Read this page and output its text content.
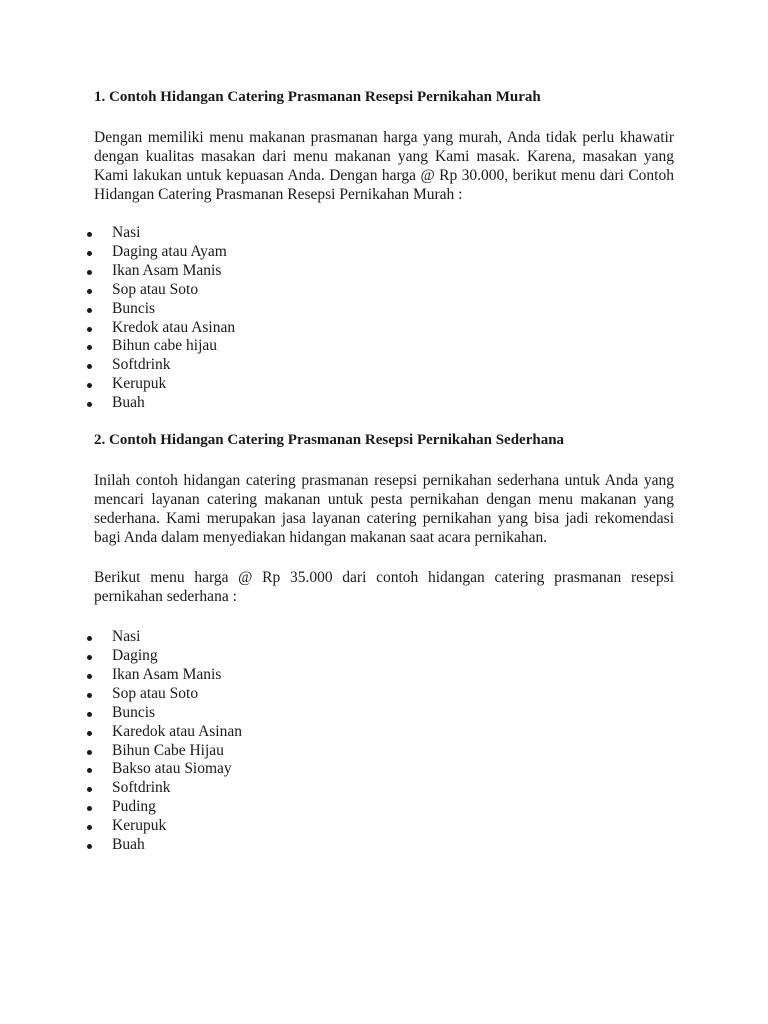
1. Contoh Hidangan Catering Prasmanan Resepsi Pernikahan Murah

Dengan memiliki menu makanan prasmanan harga yang murah, Anda tidak perlu khawatir dengan kualitas masakan dari menu makanan yang Kami masak. Karena, masakan yang Kami lakukan untuk kepuasan Anda. Dengan harga @ Rp 30.000, berikut menu dari Contoh Hidangan Catering Prasmanan Resepsi Pernikahan Murah :

Nasi
Daging atau Ayam
Ikan Asam Manis
Sop atau Soto
Buncis
Kredok atau Asinan
Bihun cabe hijau
Softdrink
Kerupuk
Buah
2. Contoh Hidangan Catering Prasmanan Resepsi Pernikahan Sederhana

Inilah contoh hidangan catering prasmanan resepsi pernikahan sederhana untuk Anda yang mencari layanan catering makanan untuk pesta pernikahan dengan menu makanan yang sederhana. Kami merupakan jasa layanan catering pernikahan yang bisa jadi rekomendasi bagi Anda dalam menyediakan hidangan makanan saat acara pernikahan.

Berikut menu harga @ Rp 35.000 dari contoh hidangan catering prasmanan resepsi pernikahan sederhana :

Nasi
Daging
Ikan Asam Manis
Sop atau Soto
Buncis
Karedok atau Asinan
Bihun Cabe Hijau
Bakso atau Siomay
Softdrink
Puding
Kerupuk
Buah
